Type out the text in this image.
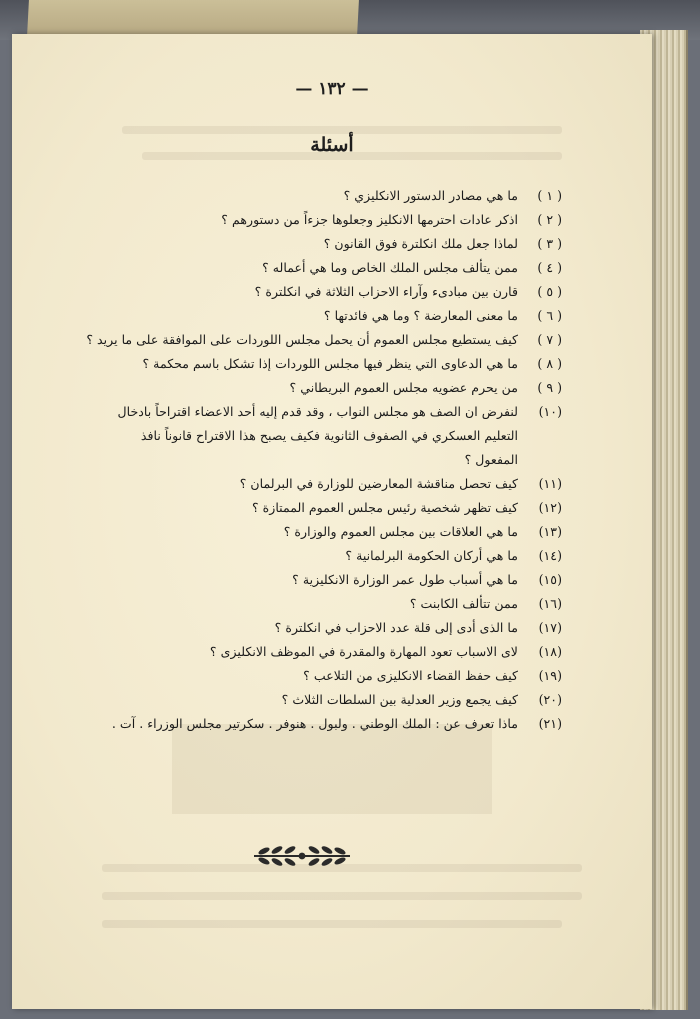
— ١٣٢ —
أسئلة
( ١ )
ما هي مصادر الدستور الانكليزي ؟
( ٢ )
اذكر عادات احترمها الانكليز وجعلوها جزءاً من دستورهم ؟
( ٣ )
لماذا جعل ملك انكلترة فوق القانون ؟
( ٤ )
ممن يتألف مجلس الملك الخاص وما هي أعماله ؟
( ٥ )
قارن بين مبادىء وآراء الاحزاب الثلاثة في انكلترة ؟
( ٦ )
ما معنى المعارضة ؟ وما هي فائدتها ؟
( ٧ )
كيف يستطيع مجلس العموم أن يحمل مجلس اللوردات على الموافقة على ما يريد ؟
( ٨ )
ما هي الدعاوى التي ينظر فيها مجلس اللوردات إذا تشكل باسم محكمة ؟
( ٩ )
من يحرم عضويه مجلس العموم البريطاني ؟
(١٠)
لنفرض ان الصف هو مجلس النواب ، وقد قدم إليه أحد الاعضاء اقتراحاً بادخال التعليم العسكري في الصفوف الثانوية فكيف يصبح هذا الاقتراح قانوناً نافذ المفعول ؟
(١١)
كيف تحصل مناقشة المعارضين للوزارة في البرلمان ؟
(١٢)
كيف تظهر شخصية رئيس مجلس العموم الممتازة ؟
(١٣)
ما هي العلاقات بين مجلس العموم والوزارة ؟
(١٤)
ما هي أركان الحكومة البرلمانية ؟
(١٥)
ما هي أسباب طول عمر الوزارة الانكليزية ؟
(١٦)
ممن تتألف الكابنت ؟
(١٧)
ما الذى أدى إلى قلة عدد الاحزاب في انكلترة ؟
(١٨)
لاى الاسباب تعود المهارة والمقدرة في الموظف الانكليزى ؟
(١٩)
كيف حفظ القضاء الانكليزى من التلاعب ؟
(٢٠)
كيف يجمع وزير العدلية بين السلطات الثلاث ؟
(٢١)
ماذا تعرف عن : الملك الوطني . ولبول . هنوفر . سكرتير مجلس الوزراء . آت .
